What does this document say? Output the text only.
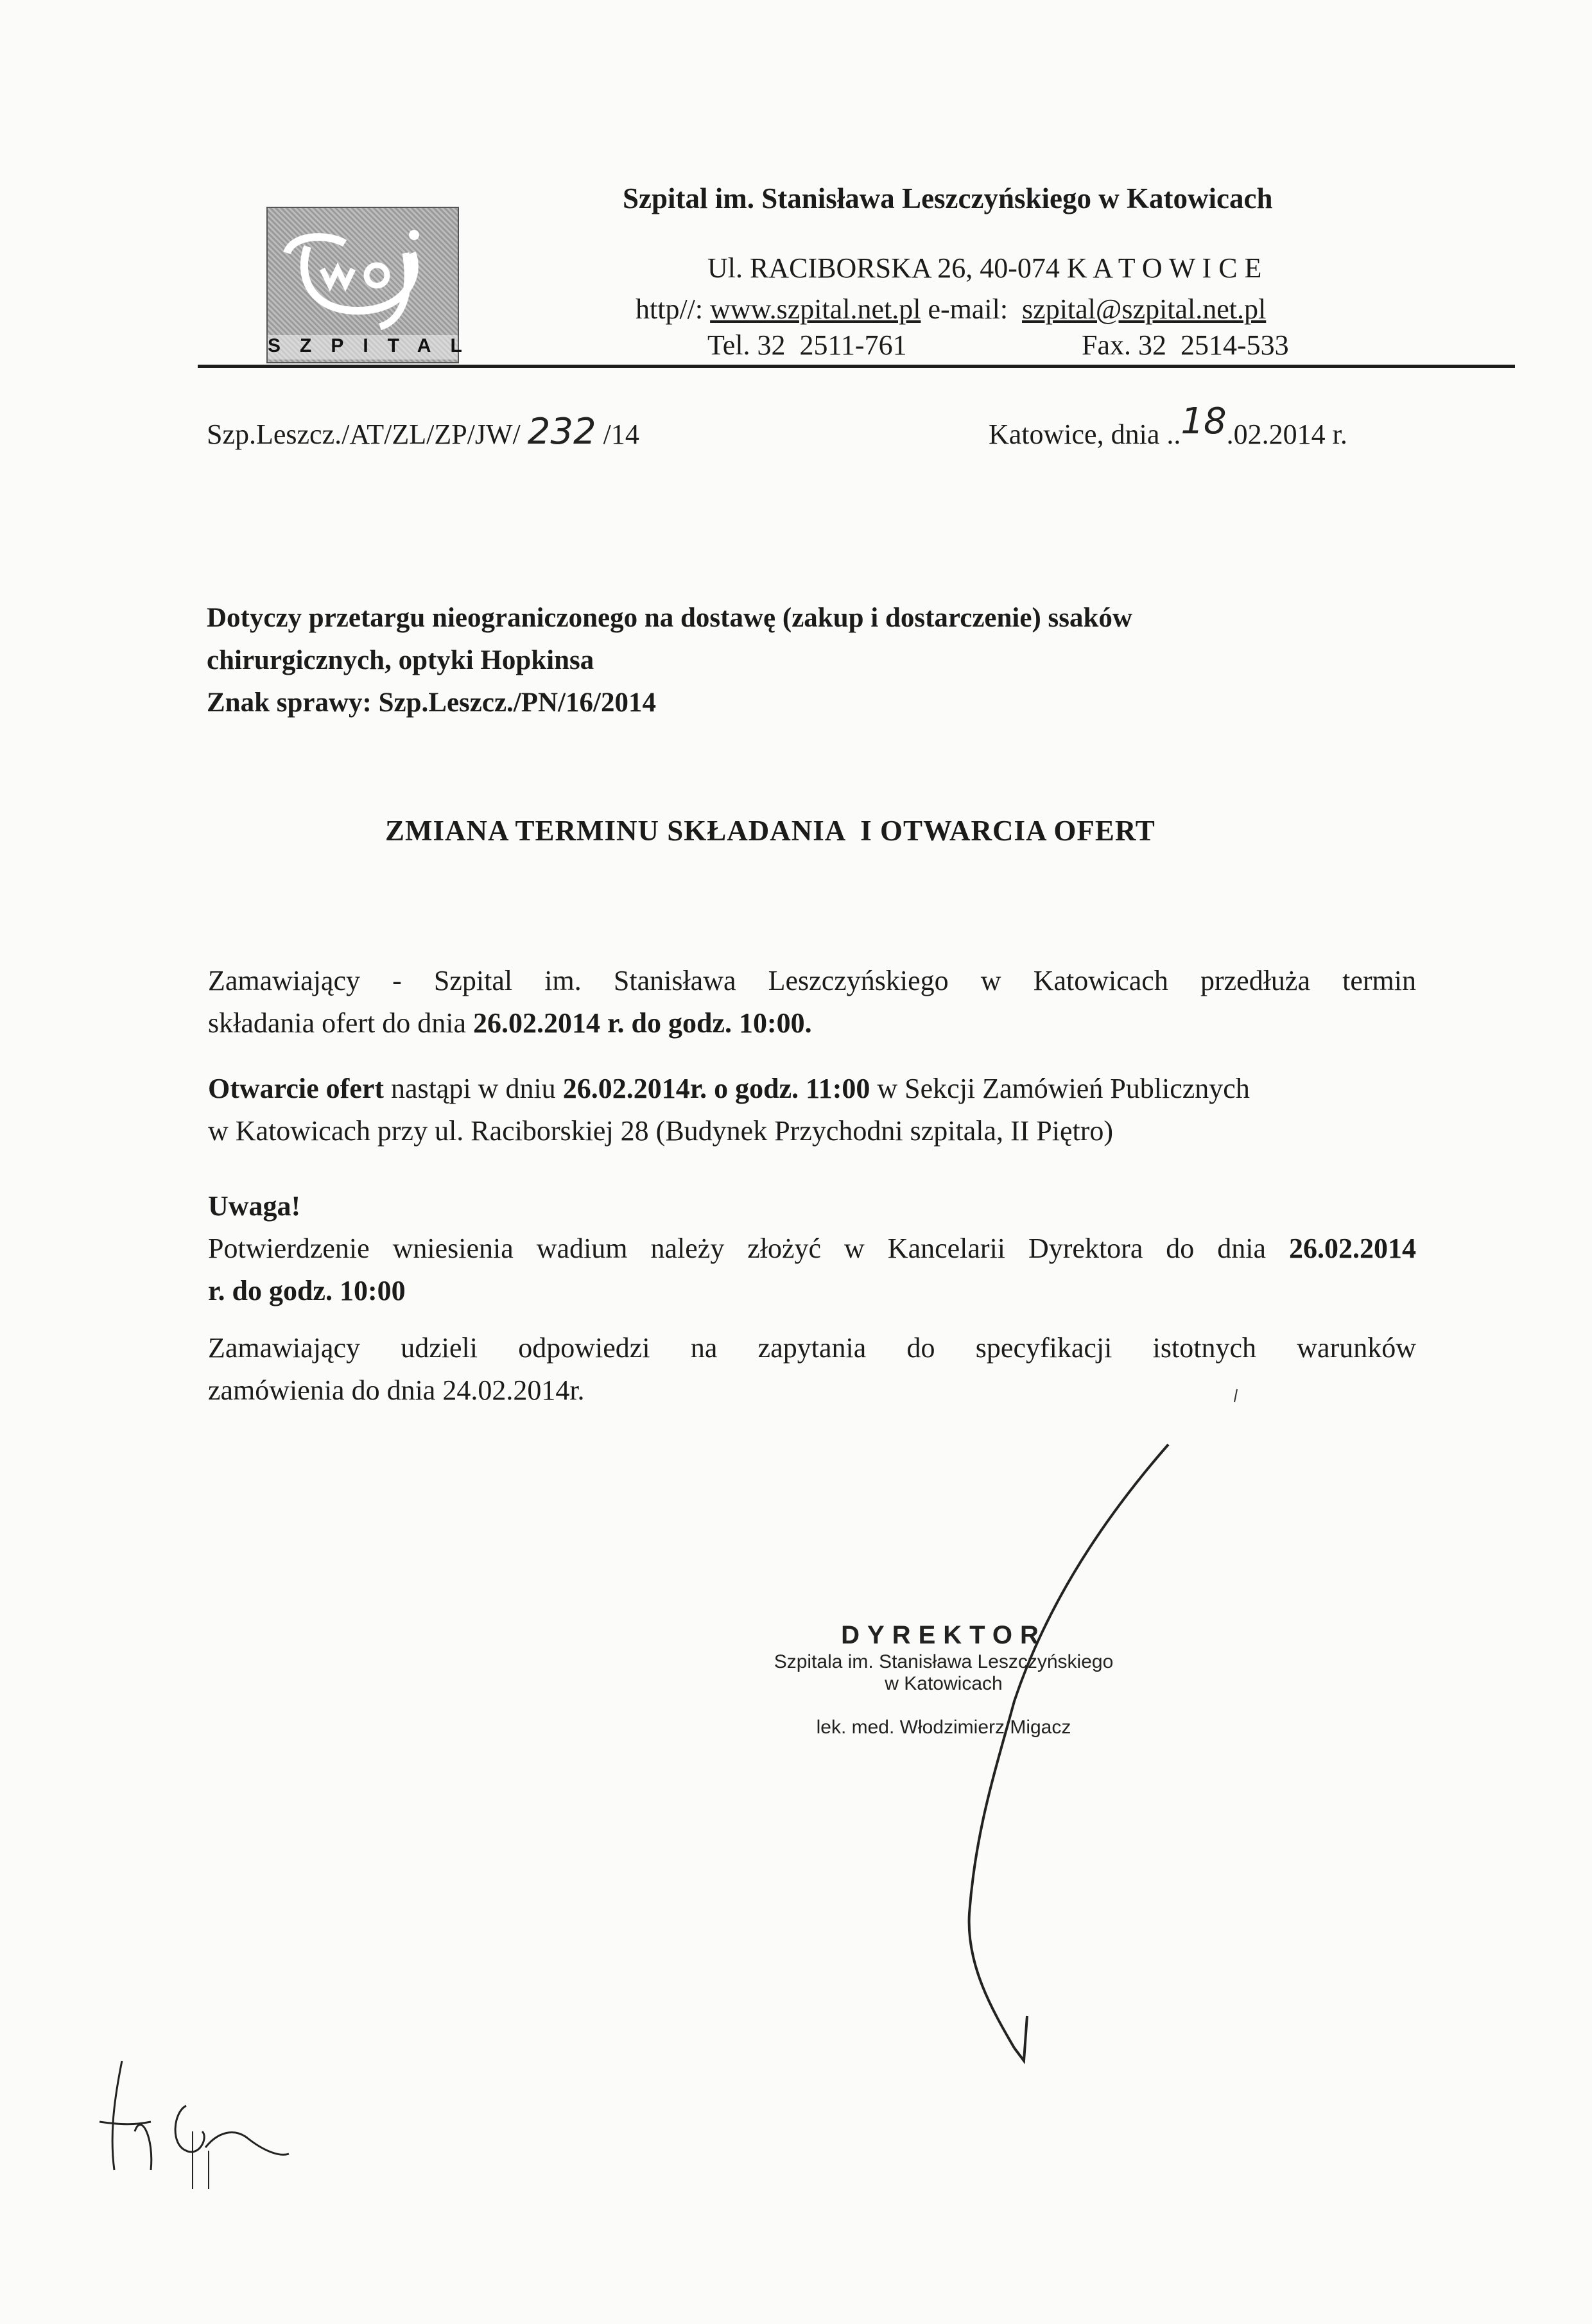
SZPITAL
Szpital im. Stanisława Leszczyńskiego w Katowicach
Ul. RACIBORSKA 26, 40-074 K A T O W I C E
http//: www.szpital.net.pl e-mail: szpital@szpital.net.pl
Tel. 32  2511-761	Fax. 32  2514-533
Szp.Leszcz./AT/ZL/ZP/JW/ 232 /14	Katowice, dnia ..18.02.2014 r.
Dotyczy przetargu nieograniczonego na dostawę (zakup i dostarczenie) ssaków
chirurgicznych, optyki Hopkinsa
Znak sprawy: Szp.Leszcz./PN/16/2014
ZMIANA TERMINU SKŁADANIA  I OTWARCIA OFERT
Zamawiający - Szpital im. Stanisława Leszczyńskiego w Katowicach przedłuża termin
składania ofert do dnia 26.02.2014 r. do godz. 10:00.
Otwarcie ofert nastąpi w dniu 26.02.2014r. o godz. 11:00 w Sekcji Zamówień Publicznych
w Katowicach przy ul. Raciborskiej 28 (Budynek Przychodni szpitala, II Piętro)
Uwaga!
Potwierdzenie wniesienia wadium należy złożyć w Kancelarii Dyrektora do dnia 26.02.2014
r. do godz. 10:00
Zamawiający udzieli odpowiedzi na zapytania do specyfikacji istotnych warunków
zamówienia do dnia 24.02.2014r.
DYREKTOR
Szpitala im. Stanisława Leszczyńskiego
w Katowicach
lek. med. Włodzimierz Migacz
